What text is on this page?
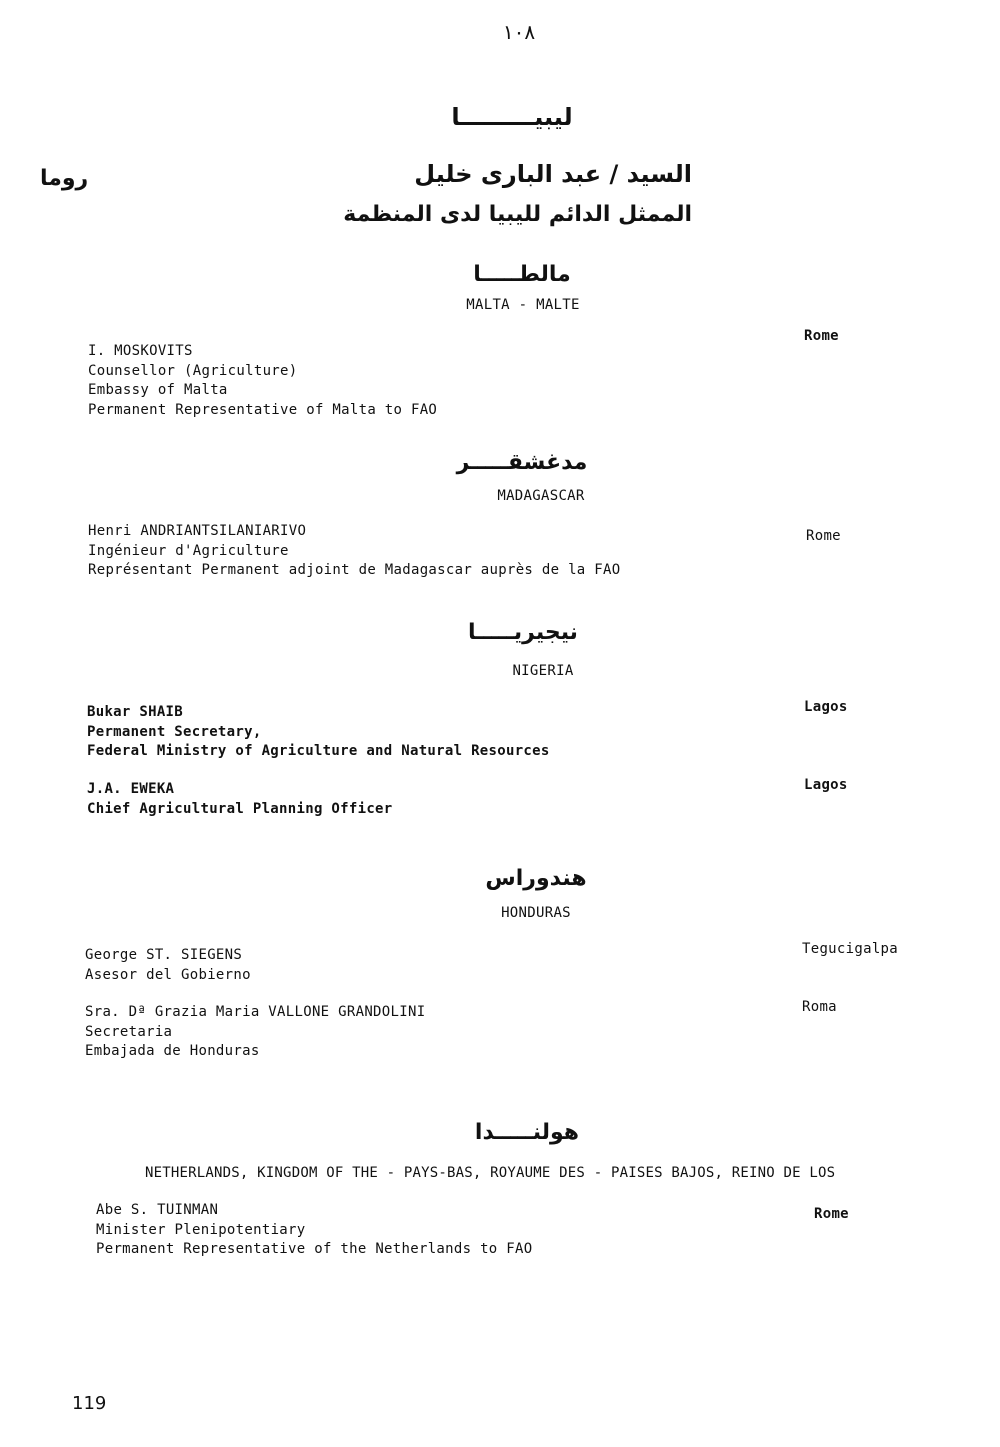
١٠٨
ليبيـــــــــا
روما	السيد / عبد البارى خليل
الممثل الدائم لليبيا لدى المنظمة
مالطـــــا
MALTA - MALTE
Rome
I. MOSKOVITS
Counsellor (Agriculture)
Embassy of Malta
Permanent Representative of Malta to FAO
مدغشقـــــر
MADAGASCAR
Rome
Henri ANDRIANTSILANIARIVO
Ingénieur d'Agriculture
Représentant Permanent adjoint de Madagascar auprès de la FAO
نيجيريـــــا
NIGERIA
Lagos
Bukar SHAIB
Permanent Secretary,
Federal Ministry of Agriculture and Natural Resources
Lagos
J.A. EWEKA
Chief Agricultural Planning Officer
هندوراس
HONDURAS
Tegucigalpa
George ST. SIEGENS
Asesor del Gobierno
Roma
Sra. Dª Grazia Maria VALLONE GRANDOLINI
Secretaria
Embajada de Honduras
هولنـــــدا
NETHERLANDS, KINGDOM OF THE - PAYS-BAS, ROYAUME DES - PAISES BAJOS, REINO DE LOS
Rome
Abe S. TUINMAN
Minister Plenipotentiary
Permanent Representative of the Netherlands to FAO
119
